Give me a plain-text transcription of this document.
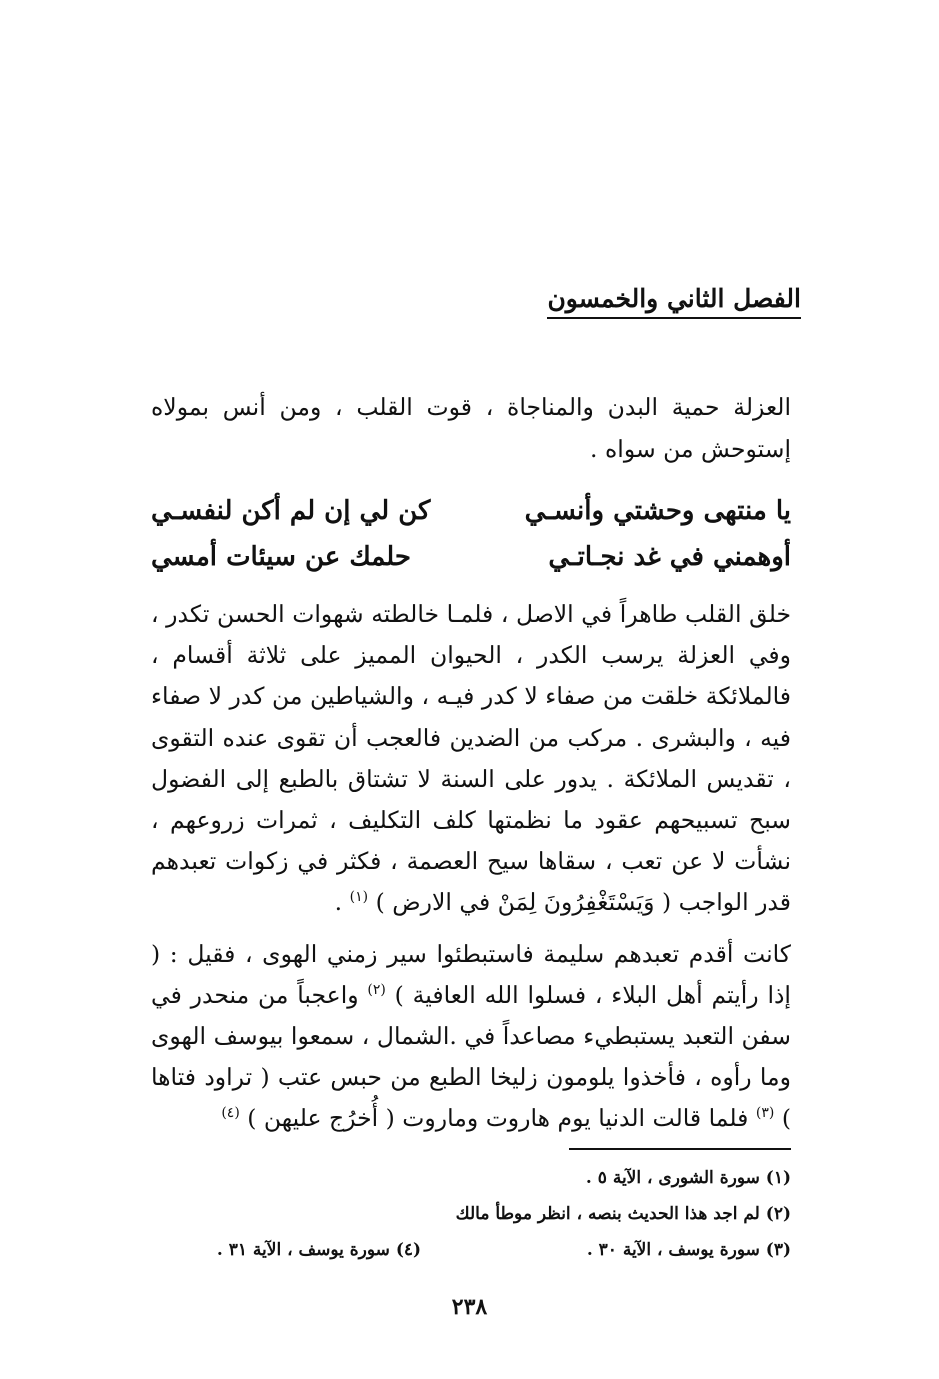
الفصل الثاني والخمسون

العزلة حمية البدن والمناجاة ، قوت القلب ، ومن أنس بمولاه إستوحش من سواه .

يا منتهى وحشتي وأنسـي
كن لي إن لم أكن لنفسـي
أوهمني في غد نجـاتـي
حلمك عن سيئات أمسي

خلق القلب طاهراً في الاصل ، فلمـا خالطته شهوات الحسن تكدر ، وفي العزلة يرسب الكدر ، الحيوان المميز على ثلاثة أقسام ، فالملائكة خلقت من صفاء لا كدر فيـه ، والشياطين من كدر لا صفاء فيه ، والبشرى . مركب من الضدين فالعجب أن تقوى عنده التقوى ، تقديس الملائكة . يدور على السنة لا تشتاق بالطبع إلى الفضول سبح تسبيحهم عقود ما نظمتها كلف التكليف ، ثمرات زروعهم ، نشأت لا عن تعب ، سقاها سيح العصمة ، فكثر في زكوات تعبدهم قدر الواجب ( وَيَسْتَغْفِرُونَ لِمَنْ في الارض ) $^{(١)}$ .

كانت أقدم تعبدهم سليمة فاستبطئوا سير زمني الهوى ، فقيل : ( إذا رأيتم أهل البلاء ، فسلوا الله العافية ) $^{(٢)}$ واعجباً من منحدر في سفن التعبد يستبطيء مصاعداً في .الشمال ، سمعوا بيوسف الهوى وما رأوه ، فأخذوا يلومون زليخا الطبع من حبس عتب ( تراود فتاها ) $^{(٣)}$ فلما قالت الدنيا يوم هاروت وماروت ( أُخرُج عليهن ) $^{(٤)}$

(١) سورة الشورى ، الآية ٥ .
(٢) لم اجد هذا الحديث بنصه ، انظر موطأ مالك
(٣) سورة يوسف ، الآية ٣٠ . (٤) سورة يوسف ، الآية ٣١ .
٢٣٨
